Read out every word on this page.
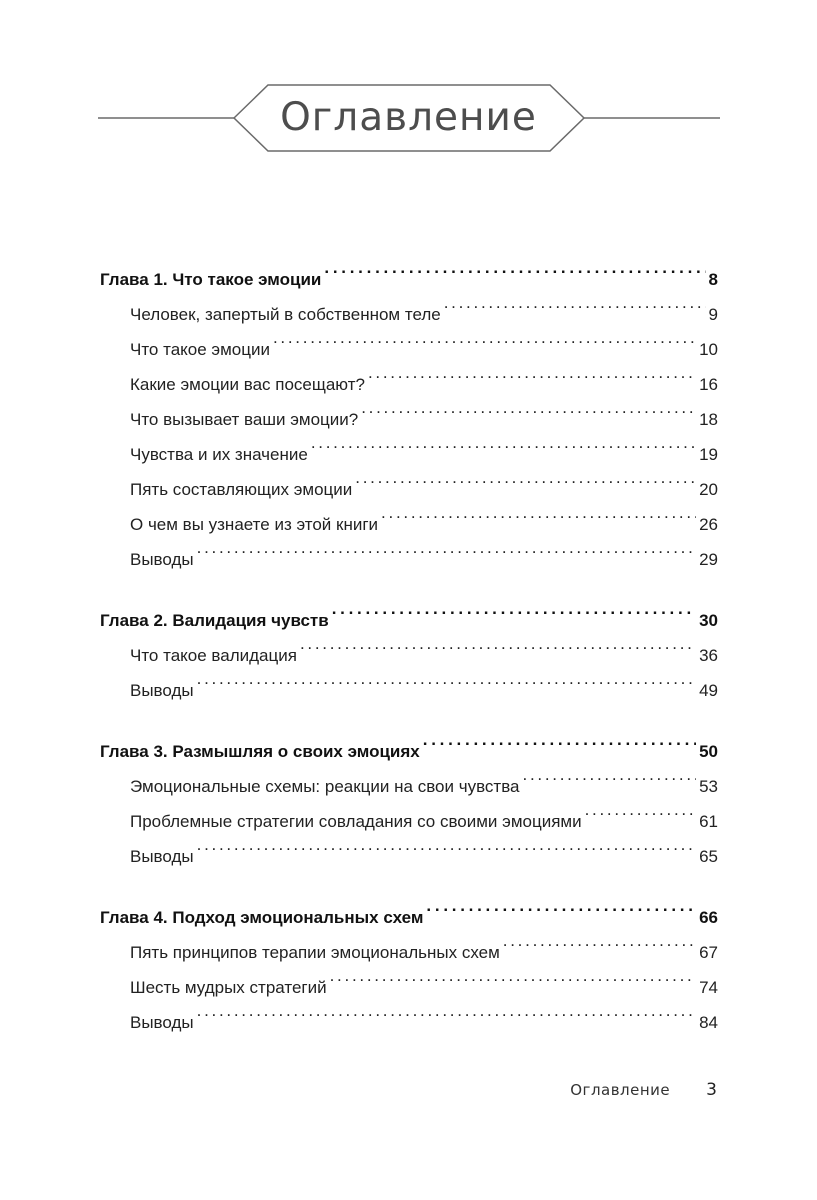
Оглавление
Глава 1. Что такое эмоции . . .	8
Человек, запертый в собственном теле . . .	9
Что такое эмоции . . .	10
Какие эмоции вас посещают? . . .	16
Что вызывает ваши эмоции? . . .	18
Чувства и их значение . . .	19
Пять составляющих эмоции . . .	20
О чем вы узнаете из этой книги . . .	26
Выводы . . .	29
Глава 2. Валидация чувств . . .	30
Что такое валидация . . .	36
Выводы . . .	49
Глава 3. Размышляя о своих эмоциях . . .	50
Эмоциональные схемы: реакции на свои чувства . . .	53
Проблемные стратегии совладания со своими эмоциями . . .	61
Выводы . . .	65
Глава 4. Подход эмоциональных схем . . .	66
Пять принципов терапии эмоциональных схем . . .	67
Шесть мудрых стратегий . . .	74
Выводы . . .	84
Оглавление 3
